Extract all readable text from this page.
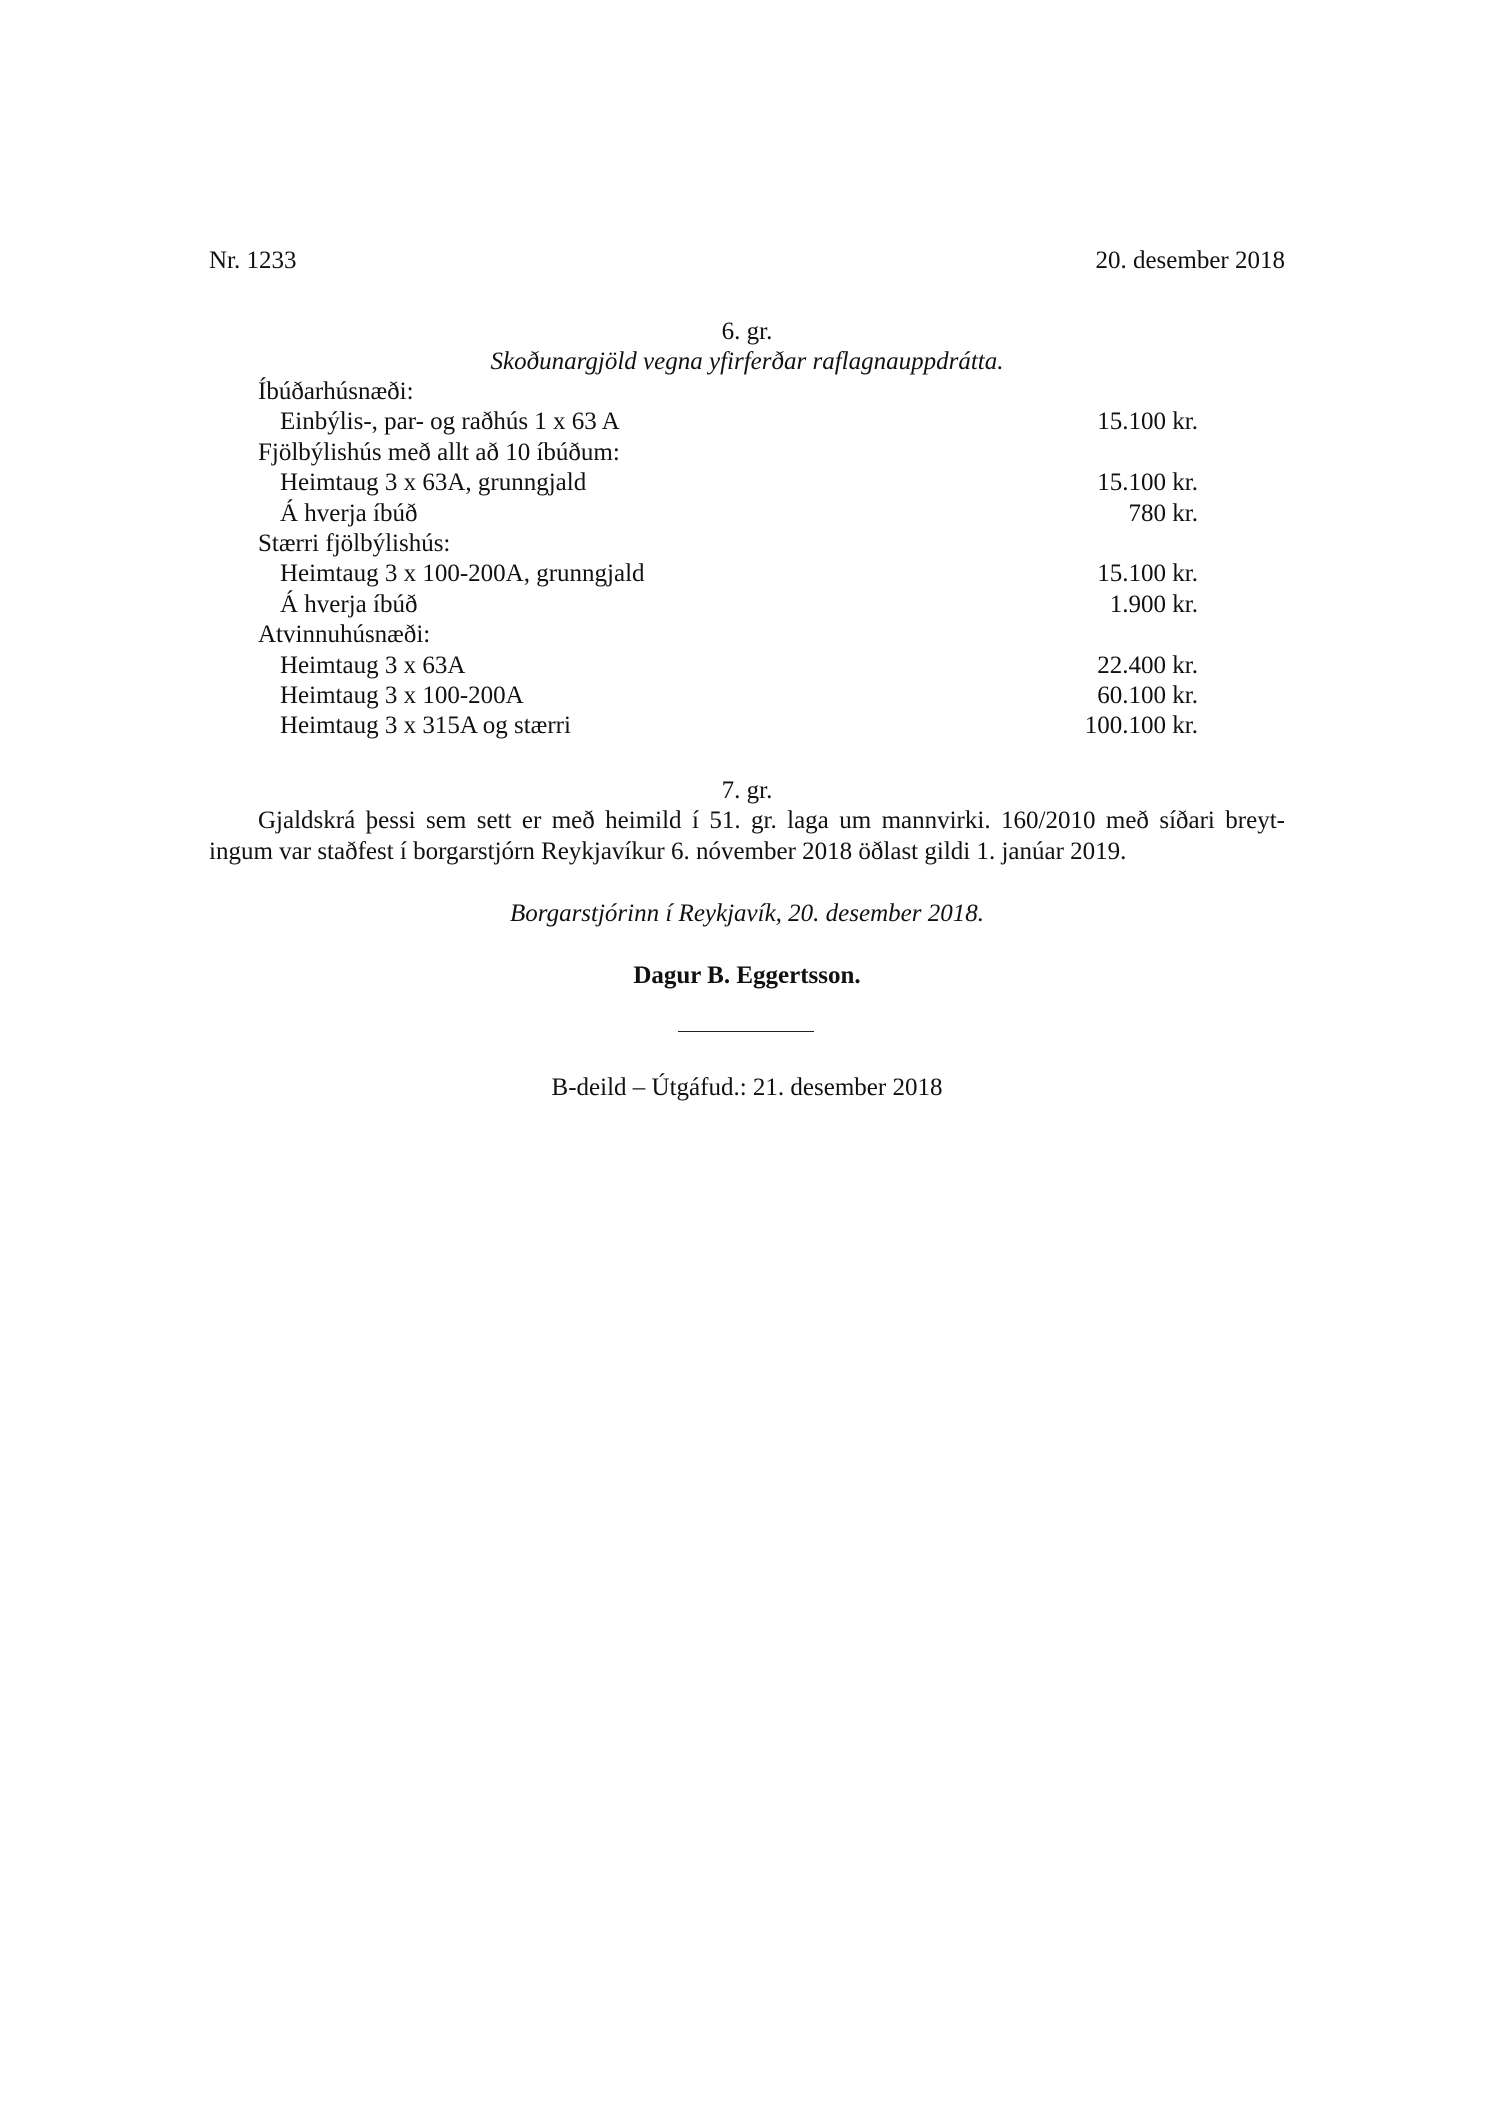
Nr. 1233	20. desember 2018
6. gr.
Skoðunargjöld vegna yfirferðar raflagnauppdrátta.
Íbúðarhúsnæði:
Einbýlis-, par- og raðhús 1 x 63 A	15.100 kr.
Fjölbýlishús með allt að 10 íbúðum:
Heimtaug 3 x 63A, grunngjald	15.100 kr.
Á hverja íbúð	780 kr.
Stærri fjölbýlishús:
Heimtaug 3 x 100-200A, grunngjald	15.100 kr.
Á hverja íbúð	1.900 kr.
Atvinnuhúsnæði:
Heimtaug 3 x 63A	22.400 kr.
Heimtaug 3 x 100-200A	60.100 kr.
Heimtaug 3 x 315A og stærri	100.100 kr.
7. gr.
Gjaldskrá þessi sem sett er með heimild í 51. gr. laga um mannvirki. 160/2010 með síðari breyt-
ingum var staðfest í borgarstjórn Reykjavíkur 6. nóvember 2018 öðlast gildi 1. janúar 2019.
Borgarstjórinn í Reykjavík, 20. desember 2018.
Dagur B. Eggertsson.
B-deild – Útgáfud.: 21. desember 2018
